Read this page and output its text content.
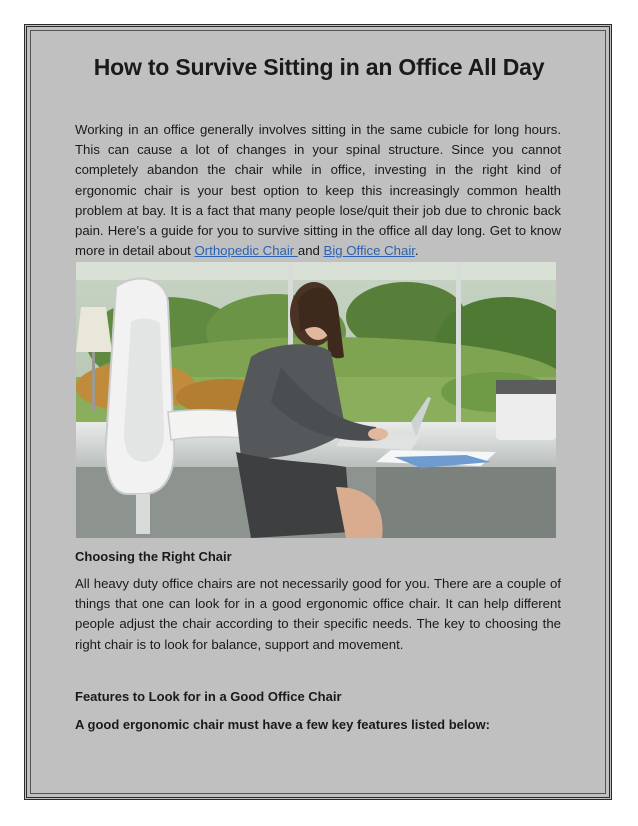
How to Survive Sitting in an Office All Day
Working in an office generally involves sitting in the same cubicle for long hours. This can cause a lot of changes in your spinal structure. Since you cannot completely abandon the chair while in office, investing in the right kind of ergonomic chair is your best option to keep this increasingly common health problem at bay. It is a fact that many people lose/quit their job due to chronic back pain. Here’s a guide for you to survive sitting in the office all day long. Get to know more in detail about Orthopedic Chair and Big Office Chair.
Choosing the Right Chair
All heavy duty office chairs are not necessarily good for you. There are a couple of things that one can look for in a good ergonomic office chair. It can help different people adjust the chair according to their specific needs. The key to choosing the right chair is to look for balance, support and movement.
Features to Look for in a Good Office Chair
A good ergonomic chair must have a few key features listed below:
